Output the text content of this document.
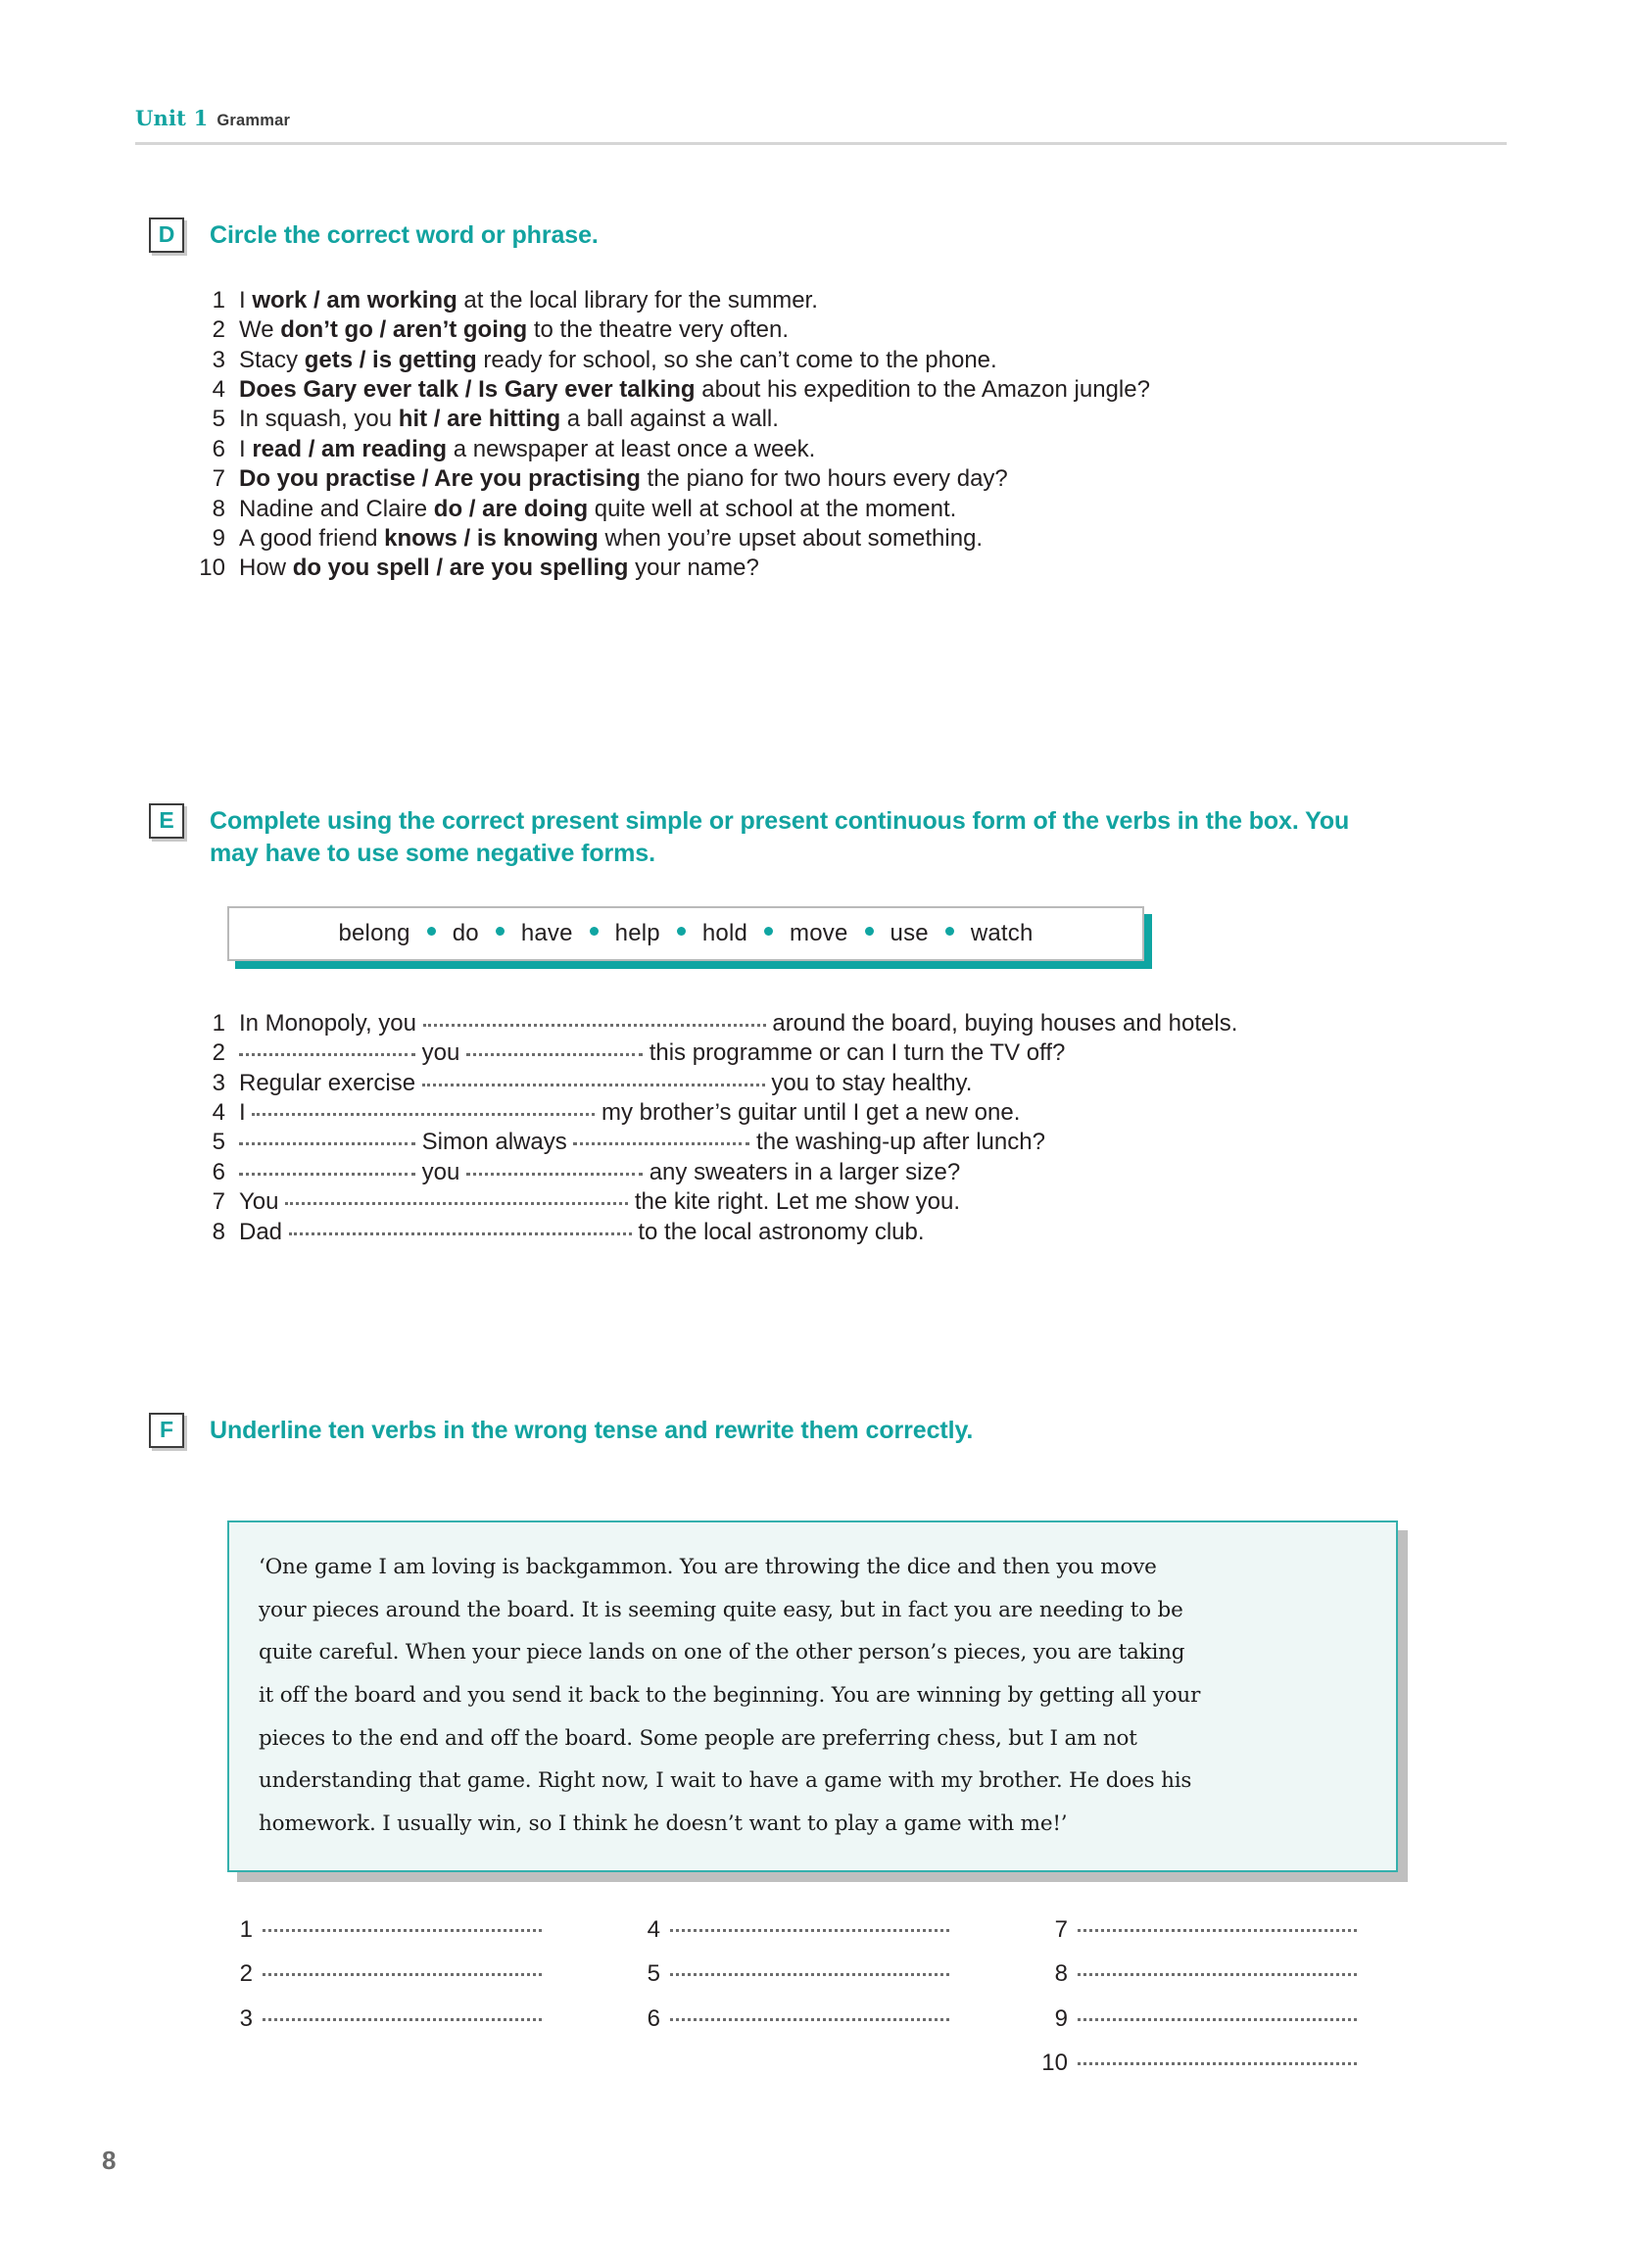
Unit 1 Grammar
D	Circle the correct word or phrase.
1 I work / am working at the local library for the summer.
2 We don’t go / aren’t going to the theatre very often.
3 Stacy gets / is getting ready for school, so she can’t come to the phone.
4 Does Gary ever talk / Is Gary ever talking about his expedition to the Amazon jungle?
5 In squash, you hit / are hitting a ball against a wall.
6 I read / am reading a newspaper at least once a week.
7 Do you practise / Are you practising the piano for two hours every day?
8 Nadine and Claire do / are doing quite well at school at the moment.
9 A good friend knows / is knowing when you’re upset about something.
10 How do you spell / are you spelling your name?
E	Complete using the correct present simple or present continuous form of the verbs in the box. You may have to use some negative forms.
belong do have help hold move use watch
1 In Monopoly, you	around the board, buying houses and hotels.
2	you	this programme or can I turn the TV off?
3 Regular exercise	you to stay healthy.
4 I	my brother’s guitar until I get a new one.
5	Simon always	the washing-up after lunch?
6	you	any sweaters in a larger size?
7 You	the kite right. Let me show you.
8 Dad	to the local astronomy club.
F	Underline ten verbs in the wrong tense and rewrite them correctly.

‘One game I am loving is backgammon. You are throwing the dice and then you move

your pieces around the board. It is seeming quite easy, but in fact you are needing to be

quite careful. When your piece lands on one of the other person’s pieces, you are taking

it off the board and you send it back to the beginning. You are winning by getting all your

pieces to the end and off the board. Some people are preferring chess, but I am not

understanding that game. Right now, I wait to have a game with my brother. He does his

homework. I usually win, so I think he doesn’t want to play a game with me!’

1
2
3
4
5
6
7
8
9
10
8
